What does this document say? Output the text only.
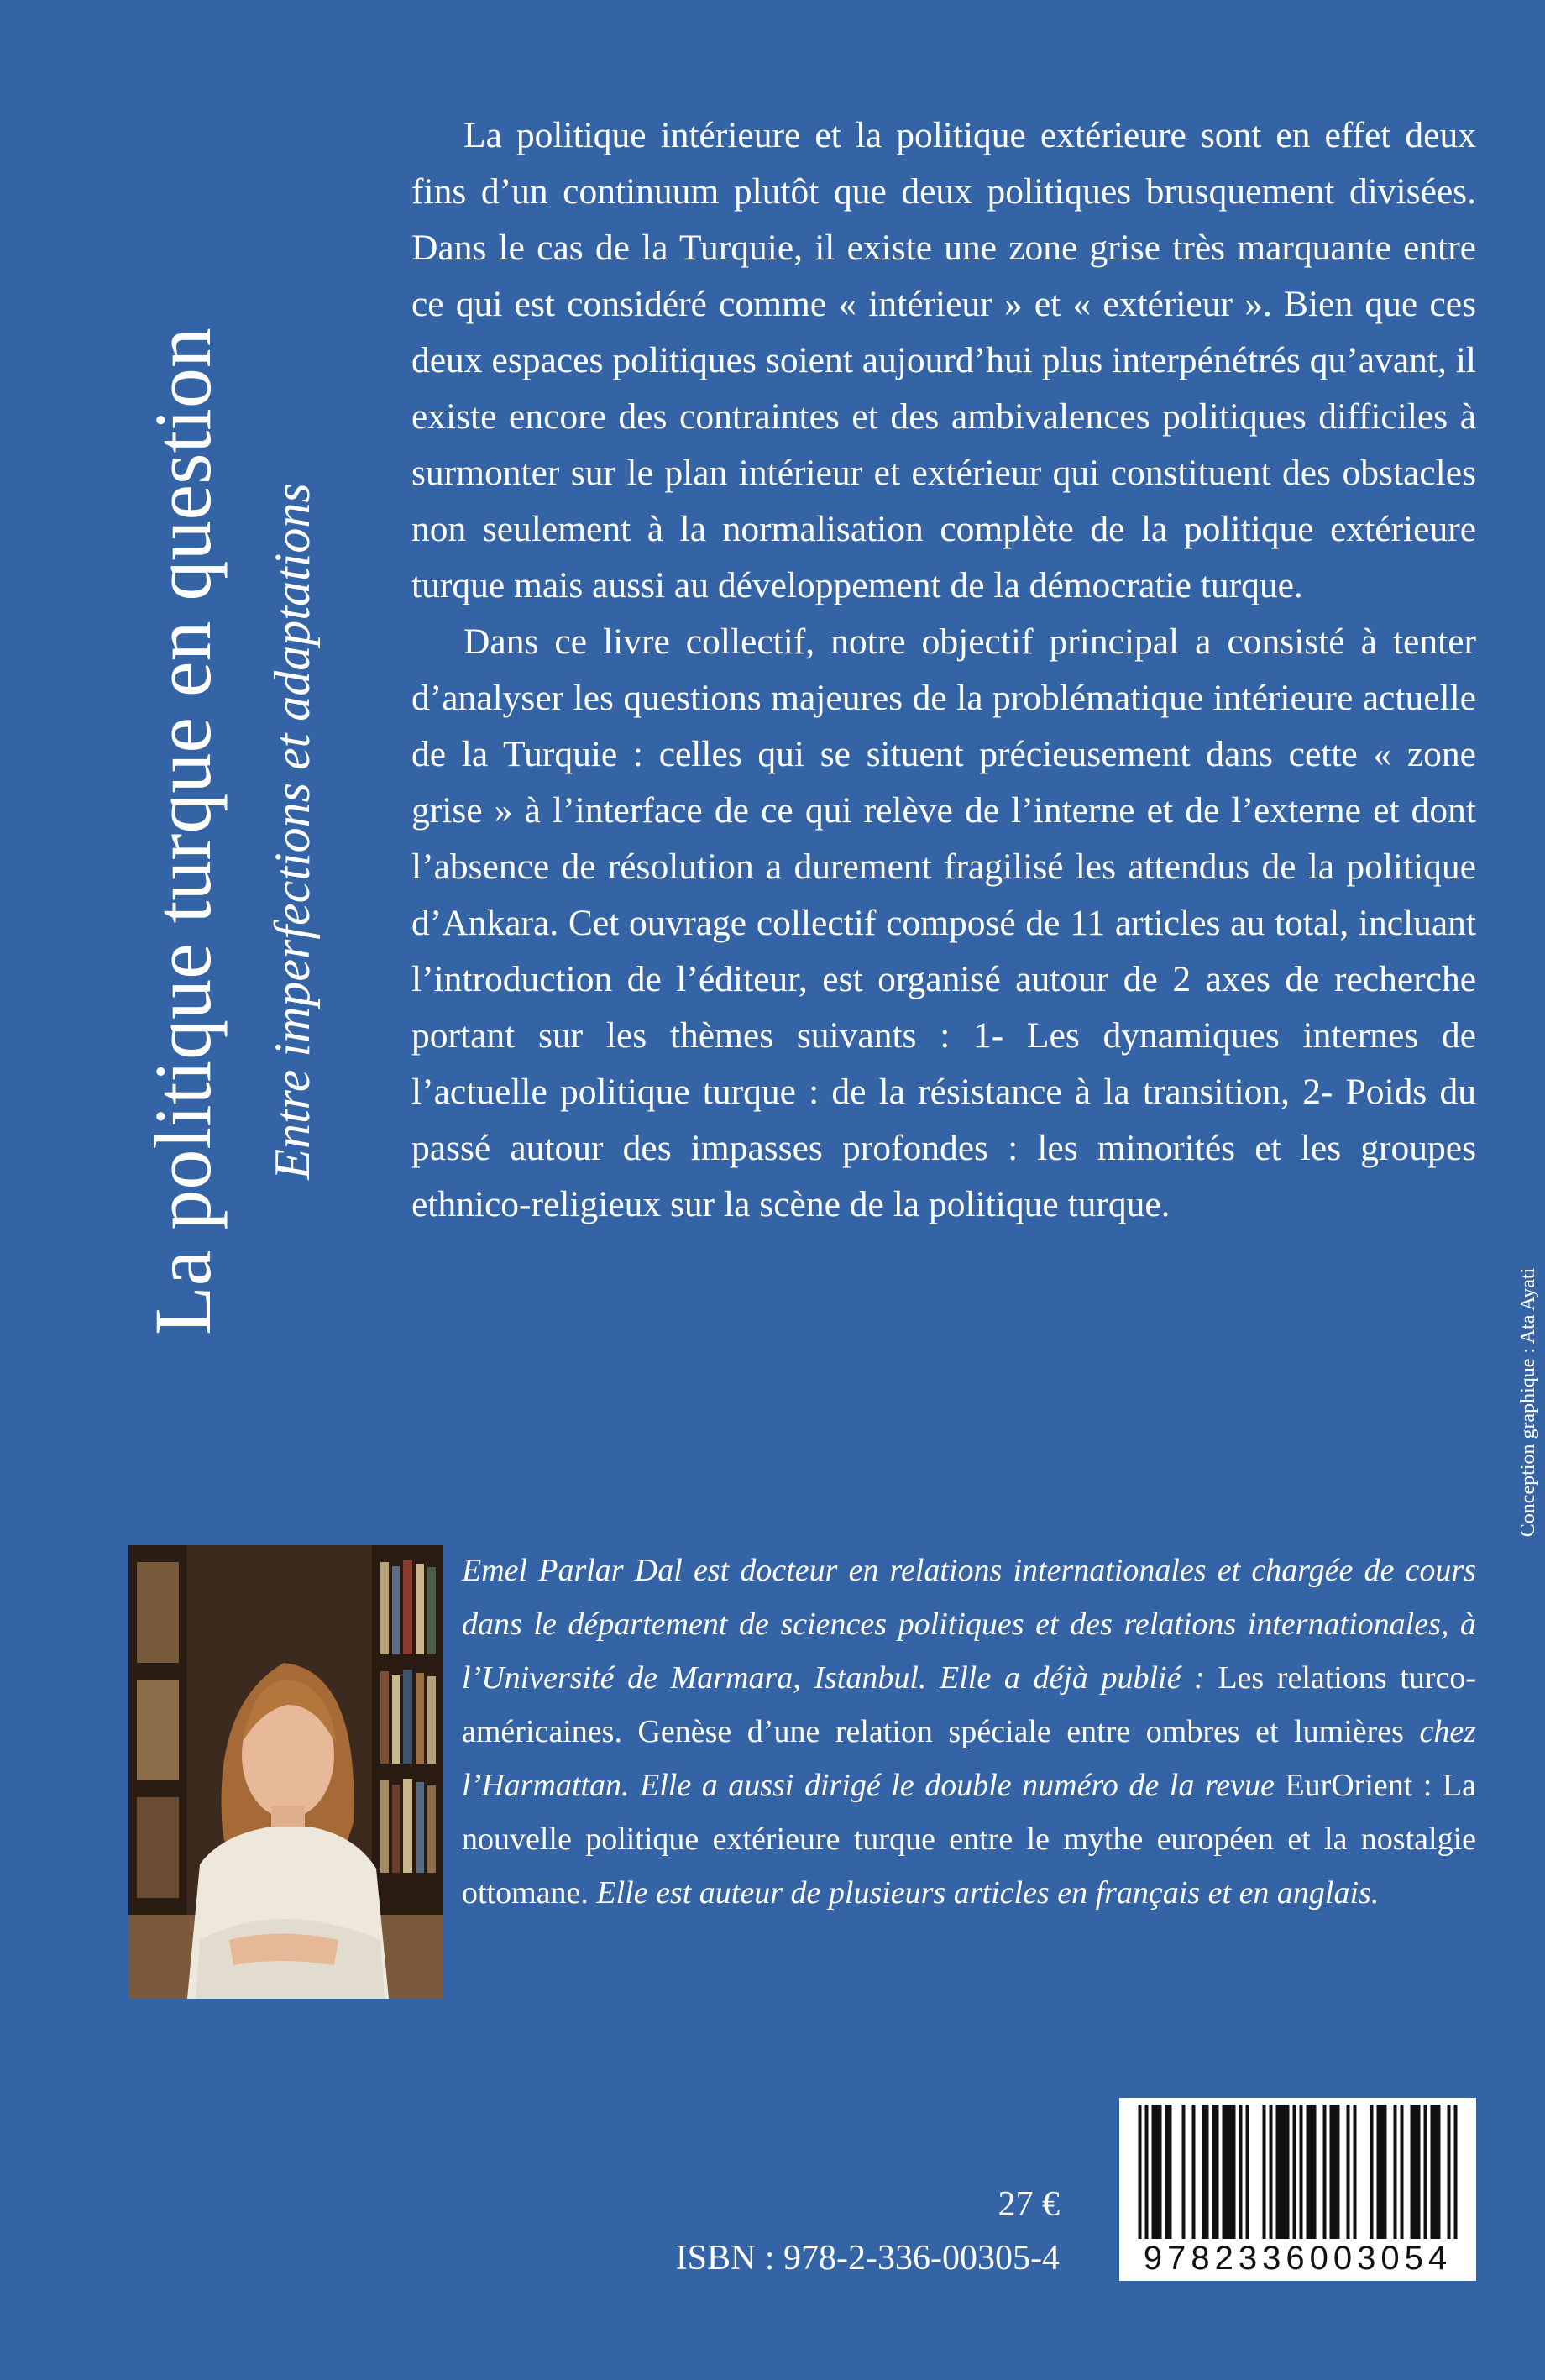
La politique turque en question Entre imperfections et adaptations

La politique intérieure et la politique extérieure sont en effet deux fins d’un continuum plutôt que deux politiques brusquement divisées. Dans le cas de la Turquie, il existe une zone grise très marquante entre ce qui est considéré comme « intérieur » et « extérieur ». Bien que ces deux espaces politiques soient aujourd’hui plus interpénétrés qu’avant, il existe encore des contraintes et des ambivalences politiques difficiles à surmonter sur le plan intérieur et extérieur qui constituent des obstacles non seulement à la normalisation complète de la politique extérieure turque mais aussi au développement de la démocratie turque.

Dans ce livre collectif, notre objectif principal a consisté à tenter d’analyser les questions majeures de la problématique intérieure actuelle de la Turquie : celles qui se situent précieusement dans cette « zone grise » à l’interface de ce qui relève de l’interne et de l’externe et dont l’absence de résolution a durement fragilisé les attendus de la politique d’Ankara. Cet ouvrage collectif composé de 11 articles au total, incluant l’introduction de l’éditeur, est organisé autour de 2 axes de recherche portant sur les thèmes suivants : 1- Les dynamiques internes de l’actuelle politique turque : de la résistance à la transition, 2- Poids du passé autour des impasses profondes : les minorités et les groupes ethnico-religieux sur la scène de la politique turque.

Emel Parlar Dal est docteur en relations internationales et chargée de cours dans le département de sciences politiques et des relations internationales, à l’Université de Marmara, Istanbul. Elle a déjà publié : Les relations turco-américaines. Genèse d’une relation spéciale entre ombres et lumières chez l’Harmattan. Elle a aussi dirigé le double numéro de la revue EurOrient : La nouvelle politique extérieure turque entre le mythe européen et la nostalgie ottomane. Elle est auteur de plusieurs articles en français et en anglais.

Conception graphique : Ata Ayati
27 €
ISBN : 978-2-336-00305-4	9782336003054
